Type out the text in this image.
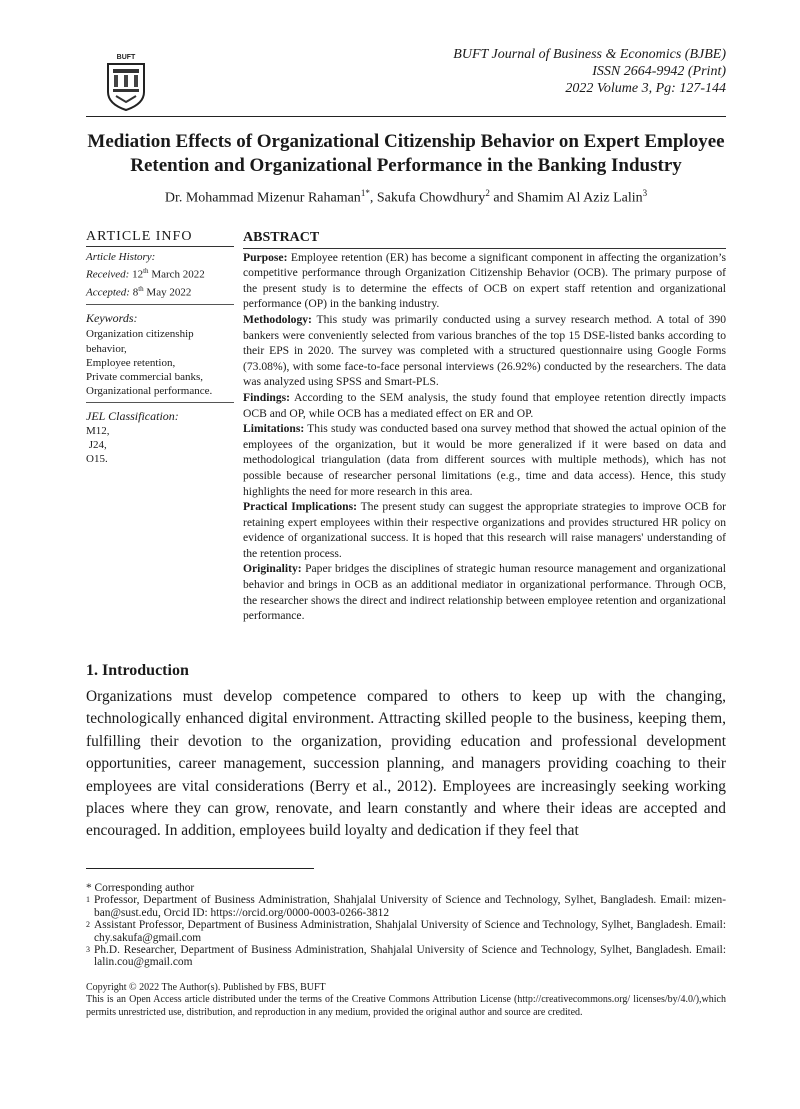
BUFT	BUFT Journal of Business & Economics (BJBE)
ISSN 2664-9942 (Print)
2022 Volume 3, Pg: 127-144
Mediation Effects of Organizational Citizenship Behavior on Expert Employee
Retention and Organizational Performance in the Banking Industry
Dr. Mohammad Mizenur Rahaman$^{1*}$, Sakufa Chowdhury$^2$ and Shamim Al Aziz Lalin$^3$
ARTICLE INFO
Article History:
Received: 12th March 2022
Accepted: 8th May 2022
Keywords:
Organization citizenship behavior,
Employee retention,
Private commercial banks,
Organizational performance.
JEL Classification:
M12,
J24,
O15.
ABSTRACT

Purpose: Employee retention (ER) has become a significant component in affecting the organization’s competitive performance through Organization Citizenship Behavior (OCB). The primary purpose of the present study is to determine the effects of OCB on expert staff retention and organizational performance (OP) in the banking industry.

Methodology: This study was primarily conducted using a survey research method. A total of 390 bankers were conveniently selected from various branches of the top 15 DSE-listed banks according to their EPS in 2020. The survey was completed with a structured questionnaire using Google Forms (73.08%), with some face-to-face personal interviews (26.92%) conducted by the researchers. The data was analyzed using SPSS and Smart-PLS.

Findings: According to the SEM analysis, the study found that employee retention directly impacts OCB and OP, while OCB has a mediated effect on ER and OP.

Limitations: This study was conducted based ona survey method that showed the actual opinion of the employees of the organization, but it would be more generalized if it were based on data and methodological triangulation (data from different sources with multiple methods), which has not possible because of researcher personal limitations (e.g., time and data access). Hence, this study highlights the need for more research in this area.

Practical Implications: The present study can suggest the appropriate strategies to improve OCB for retaining expert employees within their respective organizations and provides structured HR policy on evidence of organizational success. It is hoped that this research will raise managers' understanding of the retention process.

Originality: Paper bridges the disciplines of strategic human resource management and organizational behavior and brings in OCB as an additional mediator in organizational performance. Through OCB, the researcher shows the direct and indirect relationship between employee retention and organizational performance.

1. Introduction

Organizations must develop competence compared to others to keep up with the changing, technologically enhanced digital environment. Attracting skilled people to the business, keeping them, fulfilling their devotion to the organization, providing education and professional development opportunities, career management, succession planning, and managers providing coaching to their employees are vital considerations (Berry et al., 2012). Employees are increasingly seeking working places where they can grow, renovate, and learn constantly and where their ideas are accepted and encouraged. In addition, employees build loyalty and dedication if they feel that

* Corresponding author
1 Professor, Department of Business Administration, Shahjalal University of Science and Technology, Sylhet, Bangladesh. Email: mizen-ban@sust.edu, Orcid ID: https://orcid.org/0000-0003-0266-3812
2 Assistant Professor, Department of Business Administration, Shahjalal University of Science and Technology, Sylhet, Bangladesh. Email: chy.sakufa@gmail.com
3 Ph.D. Researcher, Department of Business Administration, Shahjalal University of Science and Technology, Sylhet, Bangladesh. Email: lalin.cou@gmail.com

Copyright © 2022 The Author(s). Published by FBS, BUFT

This is an Open Access article distributed under the terms of the Creative Commons Attribution License (http://creativecommons.org/ licenses/by/4.0/),which permits unrestricted use, distribution, and reproduction in any medium, provided the original author and source are credited.
